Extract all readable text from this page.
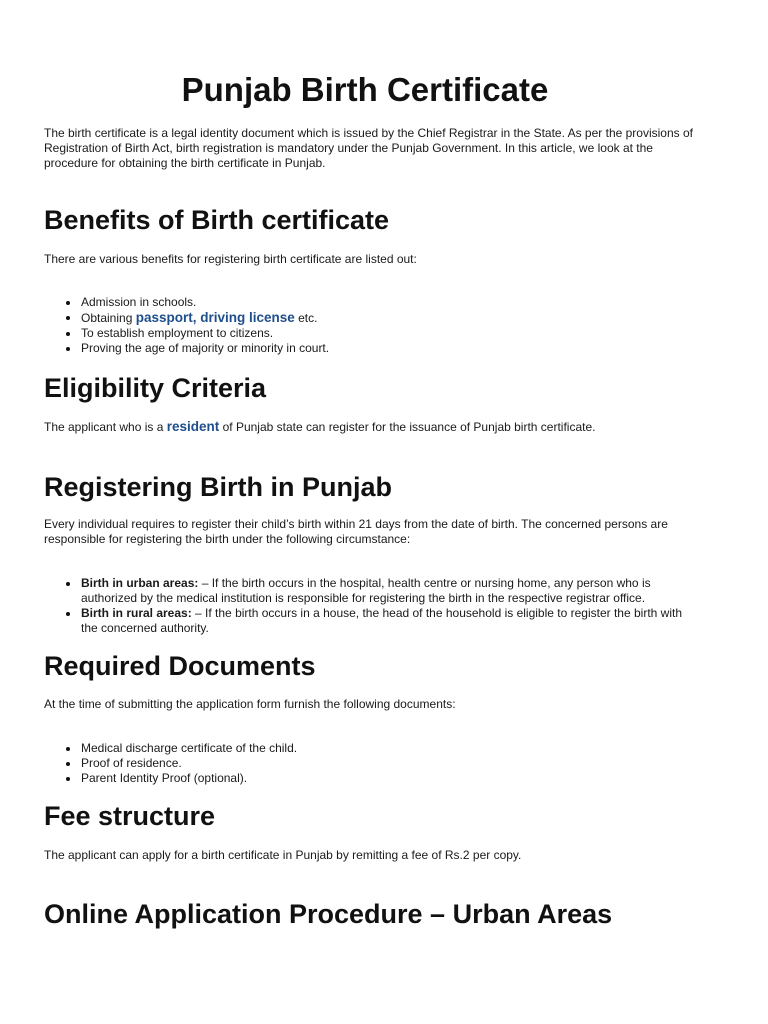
Punjab Birth Certificate

The birth certificate is a legal identity document which is issued by the Chief Registrar in the State. As per the provisions of Registration of Birth Act, birth registration is mandatory under the Punjab Government. In this article, we look at the procedure for obtaining the birth certificate in Punjab.

Benefits of Birth certificate

There are various benefits for registering birth certificate are listed out:

Admission in schools.
Obtaining passport, driving license etc.
To establish employment to citizens.
Proving the age of majority or minority in court.
Eligibility Criteria

The applicant who is a resident of Punjab state can register for the issuance of Punjab birth certificate.

Registering Birth in Punjab

Every individual requires to register their child’s birth within 21 days from the date of birth. The concerned persons are responsible for registering the birth under the following circumstance:

Birth in urban areas: – If the birth occurs in the hospital, health centre or nursing home, any person who is authorized by the medical institution is responsible for registering the birth in the respective registrar office.
Birth in rural areas: – If the birth occurs in a house, the head of the household is eligible to register the birth with the concerned authority.
Required Documents

At the time of submitting the application form furnish the following documents:

Medical discharge certificate of the child.
Proof of residence.
Parent Identity Proof (optional).
Fee structure

The applicant can apply for a birth certificate in Punjab by remitting a fee of Rs.2 per copy.

Online Application Procedure – Urban Areas
